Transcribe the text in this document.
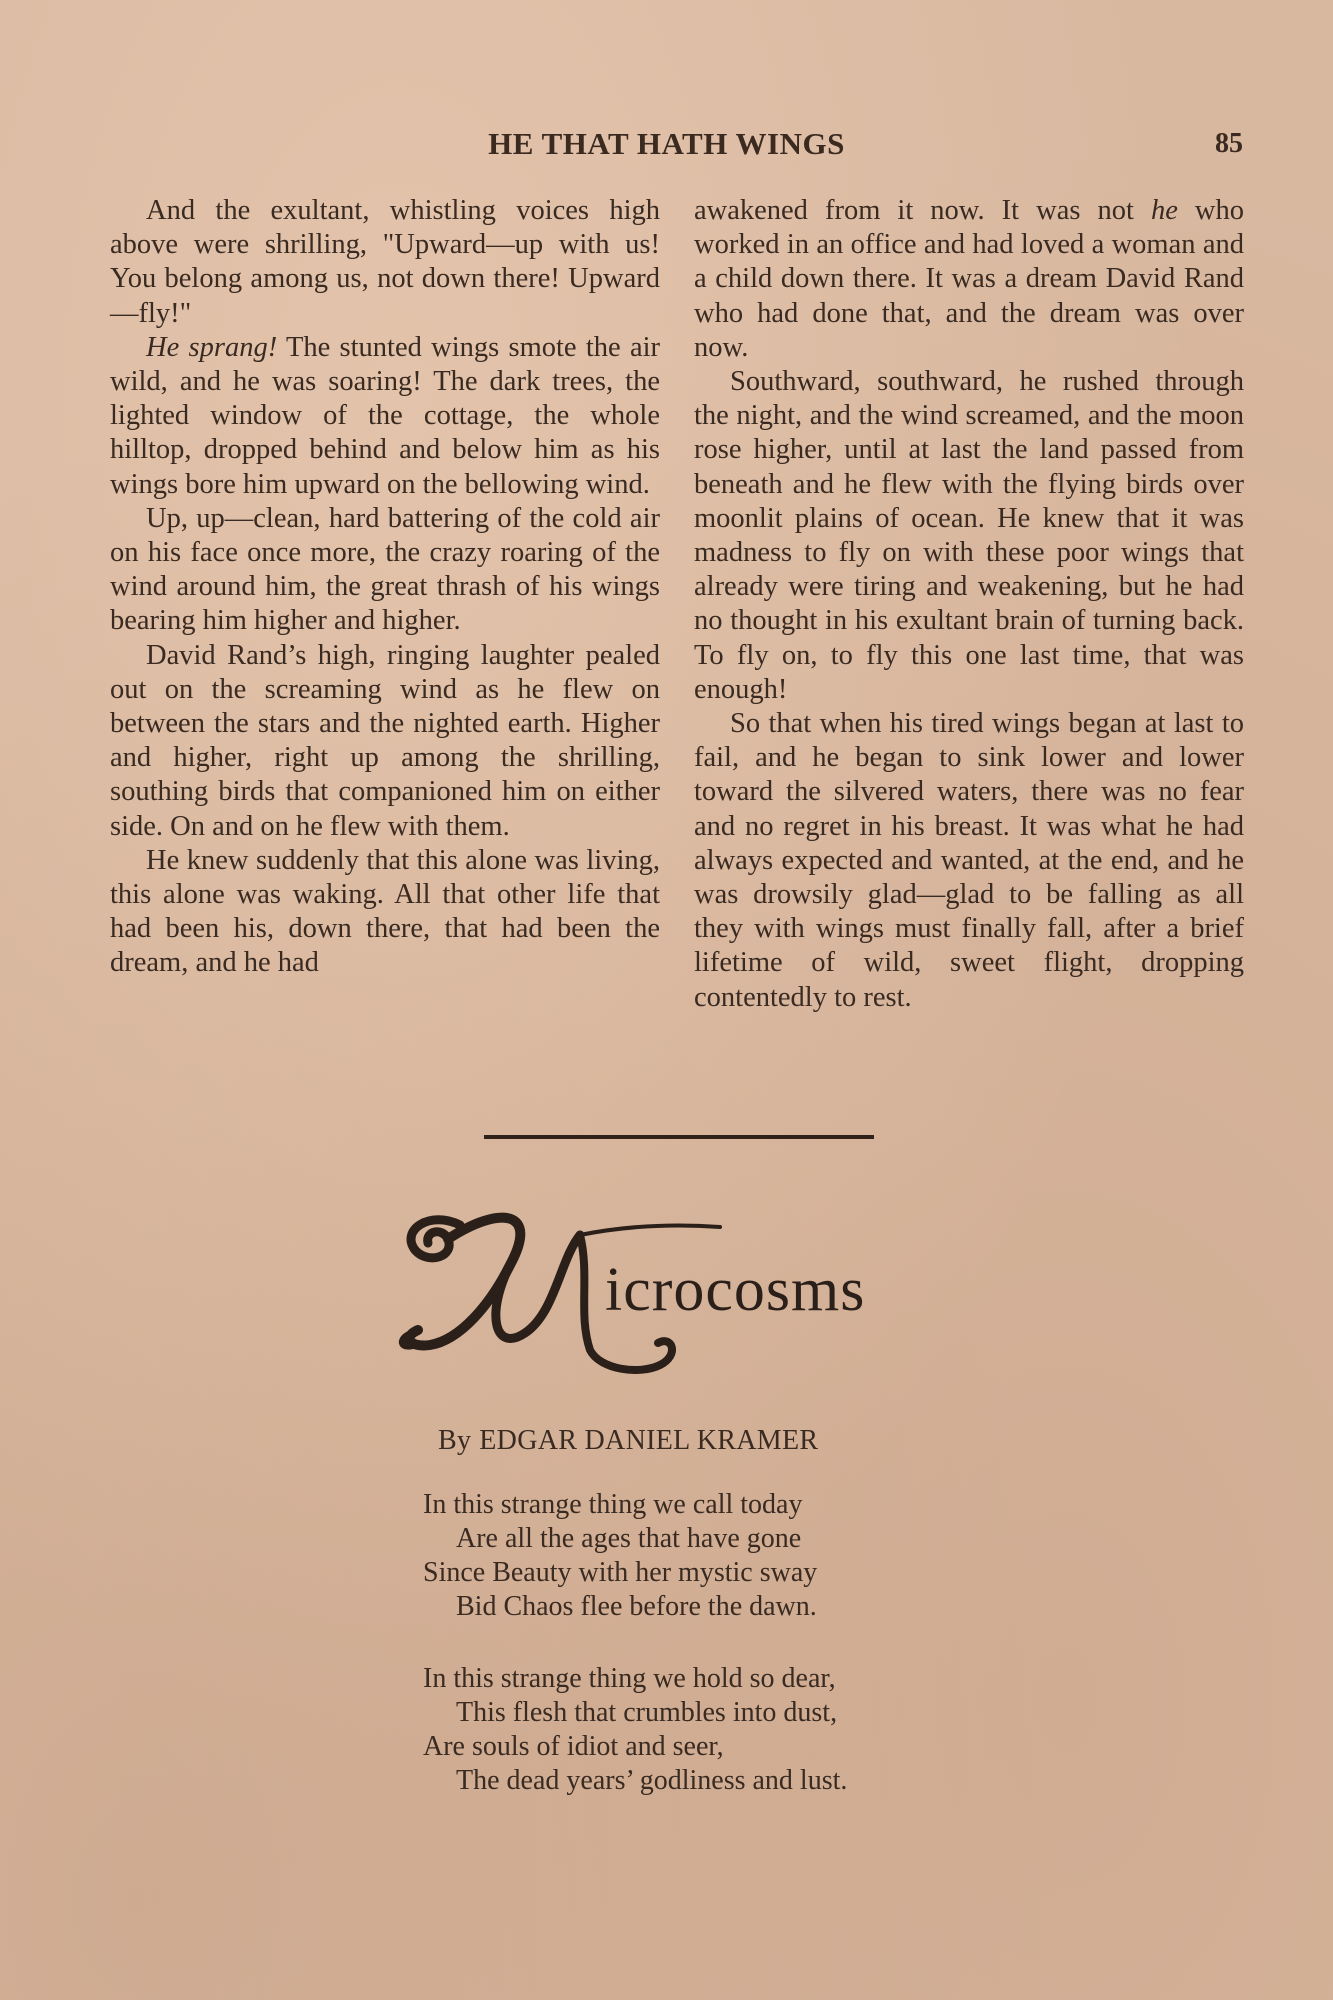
HE THAT HATH WINGS	85

And the exultant, whistling voices high above were shrilling, "Upward—up with us! You belong among us, not down there! Upward—fly!"

He sprang! The stunted wings smote the air wild, and he was soaring! The dark trees, the lighted window of the cottage, the whole hilltop, dropped behind and below him as his wings bore him upward on the bellowing wind.

Up, up—clean, hard battering of the cold air on his face once more, the crazy roaring of the wind around him, the great thrash of his wings bearing him higher and higher.

David Rand’s high, ringing laughter pealed out on the screaming wind as he flew on between the stars and the nighted earth. Higher and higher, right up among the shrilling, southing birds that companioned him on either side. On and on he flew with them.

He knew suddenly that this alone was living, this alone was waking. All that other life that had been his, down there, that had been the dream, and he had

awakened from it now. It was not he who worked in an office and had loved a woman and a child down there. It was a dream David Rand who had done that, and the dream was over now.

Southward, southward, he rushed through the night, and the wind screamed, and the moon rose higher, until at last the land passed from beneath and he flew with the flying birds over moonlit plains of ocean. He knew that it was madness to fly on with these poor wings that already were tiring and weakening, but he had no thought in his exultant brain of turning back. To fly on, to fly this one last time, that was enough!

So that when his tired wings began at last to fail, and he began to sink lower and lower toward the silvered waters, there was no fear and no regret in his breast. It was what he had always expected and wanted, at the end, and he was drowsily glad—glad to be falling as all they with wings must finally fall, after a brief lifetime of wild, sweet flight, dropping contentedly to rest.

icrocosms
By EDGAR DANIEL KRAMER
In this strange thing we call today
Are all the ages that have gone
Since Beauty with her mystic sway
Bid Chaos flee before the dawn.
In this strange thing we hold so dear,
This flesh that crumbles into dust,
Are souls of idiot and seer,
The dead years’ godliness and lust.
